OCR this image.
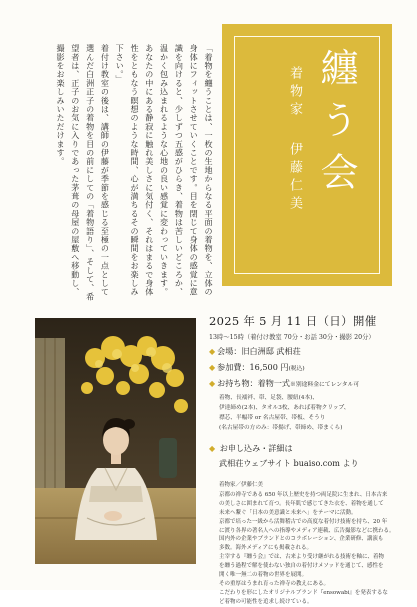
「着物を纏うことは、一枚の生地からなる平面の着物を、立体の身体にフィットさせていくことです。目を閉じて身体の感覚に意識を向けると、少しずつ五感がひらき、着物は苦しいどころか、温かく包み込まれるような心地の良い感覚に変わっていきます。あなたの中にある静寂に触れ美しさに気付く、それはまるで身体性をともなう瞑想のような時間、心が満ちるその瞬間をお楽しみ下さい。」

着付け教室の後は、講師の伊藤が季節を感じる至極の一点として選んだ白洲正子の着物を目の前にしての「着物語り」、そして、希望者は、正子のお気に入りであった茅葺の母屋の屋敷へ移動し、撮影をお楽しみいただけます。	纏う会
着物家
伊藤仁美
2025 年 5 月 11 日（日）開催
13時〜15時（着付け教室 70分・お話 30分・撮影 20分）
◆ 会場：旧白洲邸 武相荘
◆ 参加費：16,500 円 (税込)
◆ お持ち物：着物一式 ※別途料金にてレンタル可
着物、長襦袢、帯、足袋、腰紐(4本)、
伊達締め(2本)、タオル3枚、あれば着物クリップ、
襟芯、半幅帯 or 名古屋帯、帯板、そうり
(名古屋帯の方のみ：帯揚げ、帯締め、帯まくら)
◆ お申し込み・詳細は
武相荘ウェブサイト buaiso.com より
着物家／伊藤仁美
京都の禅寺である 650 年以上歴史を持つ両足院に生まれ、日本古来
の美しさに囲まれて育つ。長年肌で感じてきた衣を、着物を通して
未来へ繋ぐ「日本の美意識と未来へ」をテーマに活動。
京都で培った一級から活舞稽古での高度な着付け技術を持ち、20 年
に渡り各界の著名人への指導やメディア連載、広告撮影などに携わる。
国内外の企業やブランドとのコラボレーション、企業研修、講演も
多数。海外メディアにも掲載される。
主宰する『纏う会』では、古来より受け継がれる技術を軸に、着物
を纏う過程で解を使わない独自の着付けメソッドを通じて、感性を
開く唯一無二の着物の世界を展開。
その重厚はうまれ育った禅寺の教えにある。
こだわりを形にしたオリジナルブランド『ensowabi』を発表するな
ど着物の可能性を追求し続けている。
